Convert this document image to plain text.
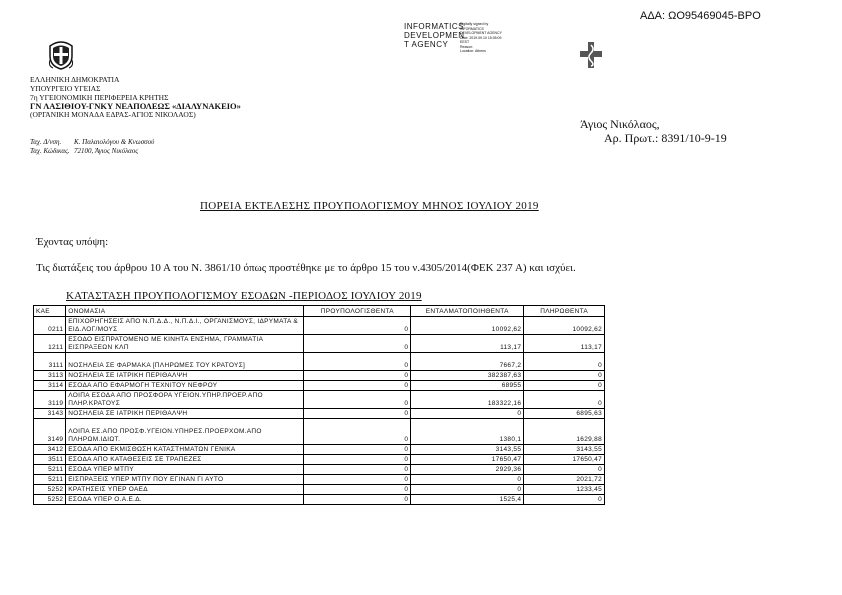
ΑΔΑ: ΩΟ95469045-ΒΡΟ
INFORMATICS
DEVELOPMEN
T AGENCY
Digitally signed by
INFORMATICS
DEVELOPMENT AGENCY
Date: 2019.09.10 15:05:09
EEST
Reason:
Location: Athens
ΕΛΛΗΝΙΚΗ ΔΗΜΟΚΡΑΤΙΑ
ΥΠΟΥΡΓΕΙΟ ΥΓΕΙΑΣ
7η ΥΓΕΙΟΝΟΜΙΚΗ ΠΕΡΙΦΕΡΕΙΑ ΚΡΗΤΗΣ
ΓΝ ΛΑΣΙΘΙΟΥ-ΓΝΚΥ ΝΕΑΠΟΛΕΩΣ «ΔΙΑΛΥΝΑΚΕΙΟ»
(ΟΡΓΑΝΙΚΗ ΜΟΝΑΔΑ ΕΔΡΑΣ-ΑΓΙΟΣ ΝΙΚΟΛΑΟΣ)
Ταχ. Δ/νση. Κ. Παλαιολόγου & Κνωσσού
Ταχ. Κώδικας. 72100, Άγιος Νικόλαος
Άγιος Νικόλαος,
Αρ. Πρωτ.: 8391/10-9-19
ΠΟΡΕΙΑ ΕΚΤΕΛΕΣΗΣ ΠΡΟΥΠΟΛΟΓΙΣΜΟΥ ΜΗΝΟΣ ΙΟΥΛΙΟΥ 2019
Έχοντας υπόψη:
Τις διατάξεις του άρθρου 10 Α του Ν. 3861/10 όπως προστέθηκε με το άρθρο 15 του ν.4305/2014(ΦΕΚ 237 Α) και ισχύει.
ΚΑΤΑΣΤΑΣΗ ΠΡΟΥΠΟΛΟΓΙΣΜΟΥ ΕΣΟΔΩΝ -ΠΕΡΙΟΔΟΣ ΙΟΥΛΙΟΥ 2019
ΚΑΕ	ΟΝΟΜΑΣΙΑ	ΠΡΟΥΠΟΛΟΓΙΣΘΕΝΤΑ	ΕΝΤΑΛΜΑΤΟΠΟΙΗΘΕΝΤΑ	ΠΛΗΡΩΘΕΝΤΑ
0211	ΕΠΙΧΟΡΗΓΗΣΕΙΣ ΑΠΟ Ν.Π.Δ.Δ., Ν.Π.Δ.Ι., ΟΡΓΑΝΙΣΜΟΥΣ, ΙΔΡΥΜΑΤΑ & ΕΙΔ.ΛΟΓ/ΜΟΥΣ	0	10092,62	10092,62
1211	ΕΣΟΔΟ ΕΙΣΠΡΑΤΟΜΕΝΟ ΜΕ ΚΙΝΗΤΑ ΕΝΣΗΜΑ, ΓΡΑΜΜΑΤΙΑ ΕΙΣΠΡΑΞΕΩΝ ΚΛΠ	0	113,17	113,17
3111	ΝΟΣΗΛΕΙΑ ΣΕ ΦΑΡΜΑΚΑ [ΠΛΗΡΩΜΕΣ ΤΟΥ ΚΡΑΤΟΥΣ]	0	7667,2	0
3113	ΝΟΣΗΛΕΙΑ ΣΕ ΙΑΤΡΙΚΗ ΠΕΡΙΘΑΛΨΗ	0	382387,63	0
3114	ΕΣΟΔΑ ΑΠΟ ΕΦΑΡΜΟΓΗ ΤΕΧΝΙΤΟΥ ΝΕΦΡΟΥ	0	68955	0
3119	ΛΟΙΠΑ ΕΣΟΔΑ ΑΠΟ ΠΡΟΣΦΟΡΑ ΥΓΕΙΟΝ.ΥΠΗΡ.ΠΡΟΕΡ.ΑΠΟ ΠΛΗΡ.ΚΡΑΤΟΥΣ	0	183322,16	0
3143	ΝΟΣΗΛΕΙΑ ΣΕ ΙΑΤΡΙΚΗ ΠΕΡΙΘΑΛΨΗ	0	0	6895,63
3149	ΛΟΙΠΑ ΕΣ.ΑΠΟ ΠΡΟΣΦ.ΥΓΕΙΟΝ.ΥΠΗΡΕΣ.ΠΡΟΕΡΧΟΜ.ΑΠΟ ΠΛΗΡΩΜ.ΙΔΙΩΤ.	0	1380,1	1629,88
3412	ΕΣΟΔΑ ΑΠΟ ΕΚΜΙΣΘΩΣΗ ΚΑΤΑΣΤΗΜΑΤΩΝ ΓΕΝΙΚΑ	0	3143,55	3143,55
3511	ΕΣΟΔΑ ΑΠΟ ΚΑΤΑΘΕΣΕΙΣ ΣΕ ΤΡΑΠΕΖΕΣ	0	17650,47	17650,47
5211	ΕΣΟΔΑ ΥΠΕΡ ΜΤΠΥ	0	2929,36	0
5211	ΕΙΣΠΡΑΞΕΙΣ ΥΠΕΡ ΜΤΠΥ ΠΟΥ ΕΓΙΝΑΝ ΓΙ ΑΥΤΟ	0	0	2021,72
5252	ΚΡΑΤΗΣΕΙΣ ΥΠΕΡ ΟΑΕΔ	0	0	1233,45
5252	ΕΣΟΔΑ ΥΠΕΡ Ο.Α.Ε.Δ.	0	1525,4	0
